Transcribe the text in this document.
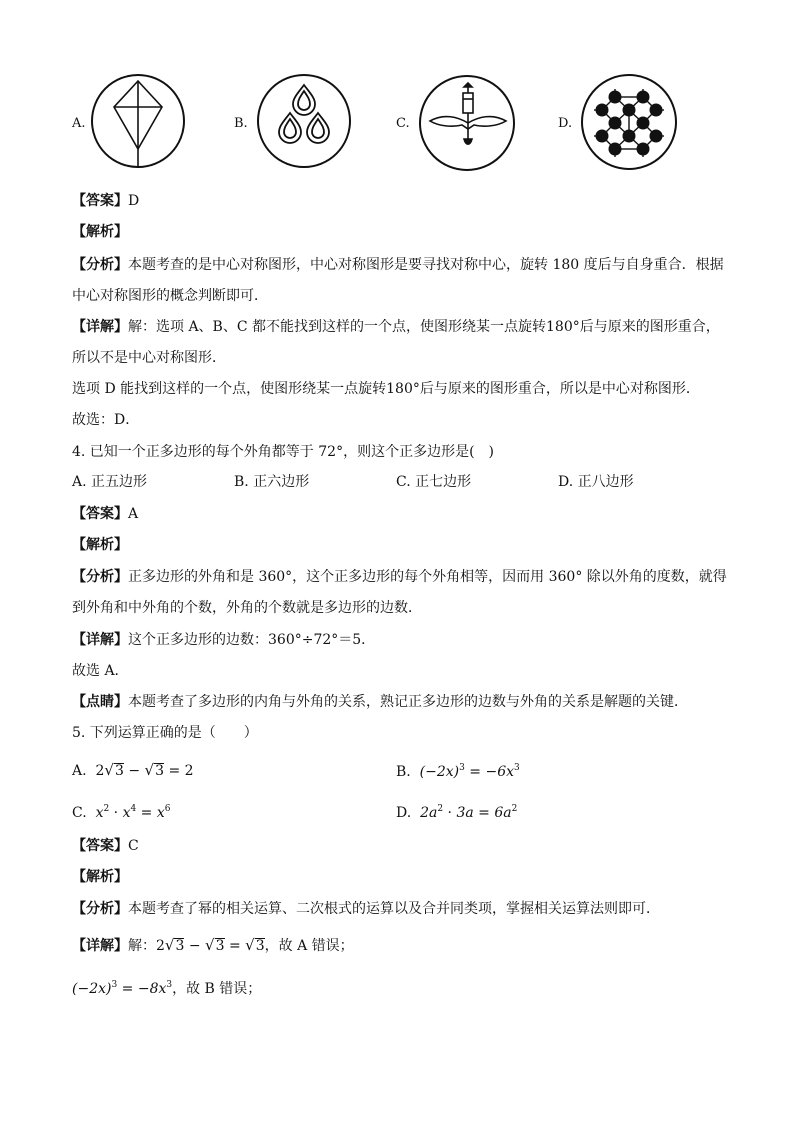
A.	B.	C.	D.
【答案】D
【解析】
【分析】本题考查的是中心对称图形，中心对称图形是要寻找对称中心，旋转 180 度后与自身重合．根据
中心对称图形的概念判断即可．
【详解】解：选项 A、B、C 都不能找到这样的一个点，使图形绕某一点旋转180°后与原来的图形重合，
所以不是中心对称图形．
选项 D 能找到这样的一个点，使图形绕某一点旋转180°后与原来的图形重合，所以是中心对称图形．
故选：D．
4. 已知一个正多边形的每个外角都等于 72°，则这个正多边形是(　)
A. 正五边形	B. 正六边形	C. 正七边形	D. 正八边形
【答案】A
【解析】
【分析】正多边形的外角和是 360°，这个正多边形的每个外角相等，因而用 360° 除以外角的度数，就得
到外角和中外角的个数，外角的个数就是多边形的边数．
【详解】这个正多边形的边数：360°÷72°＝5．
故选 A．
【点睛】本题考查了多边形的内角与外角的关系，熟记正多边形的边数与外角的关系是解题的关键．
5. 下列运算正确的是（　　）
A. 2√3 − √3 = 2	B. $(-2x)^3 = -6x^3$
C. $x^2 \cdot x^4 = x^6$	D. $2a^2 \cdot 3a = 6a^2$
【答案】C
【解析】
【分析】本题考查了幂的相关运算、二次根式的运算以及合并同类项，掌握相关运算法则即可．
【详解】解：2√3 − √3 = √3，故 A 错误；
$(-2x)^3 = -8x^3$，故 B 错误；
